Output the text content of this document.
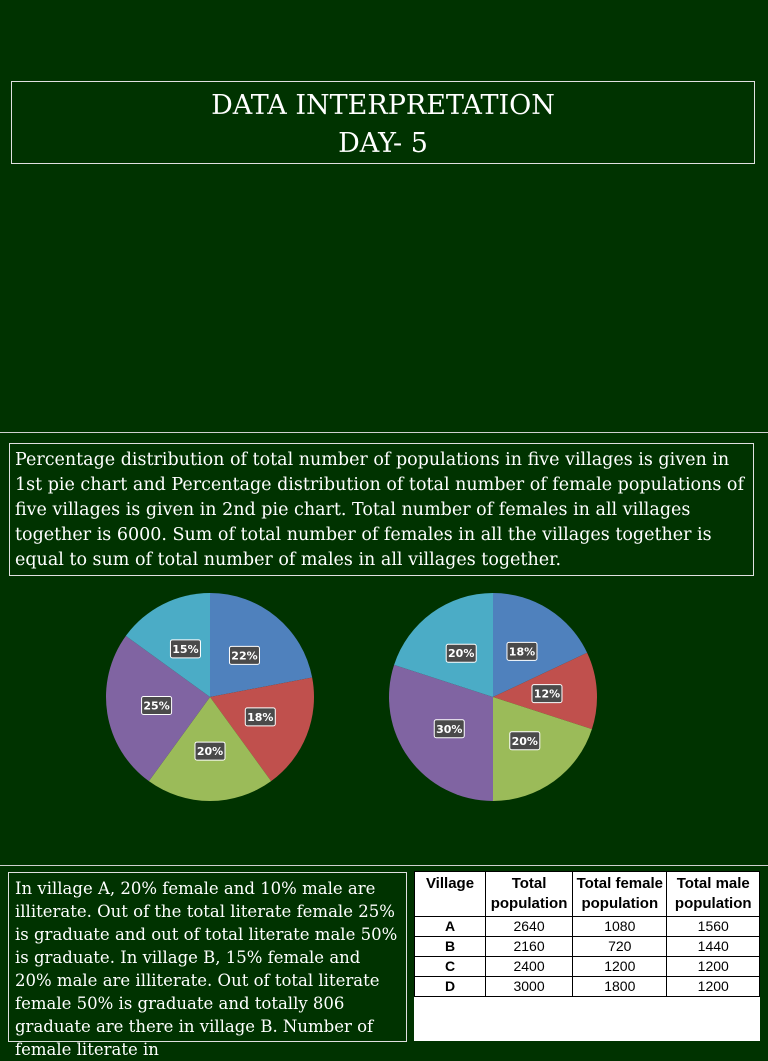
DATA INTERPRETATION
DAY- 5
Percentage distribution of total number of populations in five villages is given in 1st pie chart and Percentage distribution of total number of female populations of five villages is given in 2nd pie chart. Total number of females in all villages together is 6000. Sum of total number of females in all the villages together is equal to sum of total number of males in all villages together.
22%
18%
20%
25%
15%	18%
12%
20%
30%
20%
In village A, 20% female and 10% male are illiterate. Out of the total literate female 25% is graduate and out of total literate male 50% is graduate. In village B, 15% female and 20% male are illiterate. Out of total literate female 50% is graduate and totally 806 graduate are there in village B. Number of female literate in
Village	Total population	Total female population	Total male population
A	2640	1080	1560
B	2160	720	1440
C	2400	1200	1200
D	3000	1800	1200
